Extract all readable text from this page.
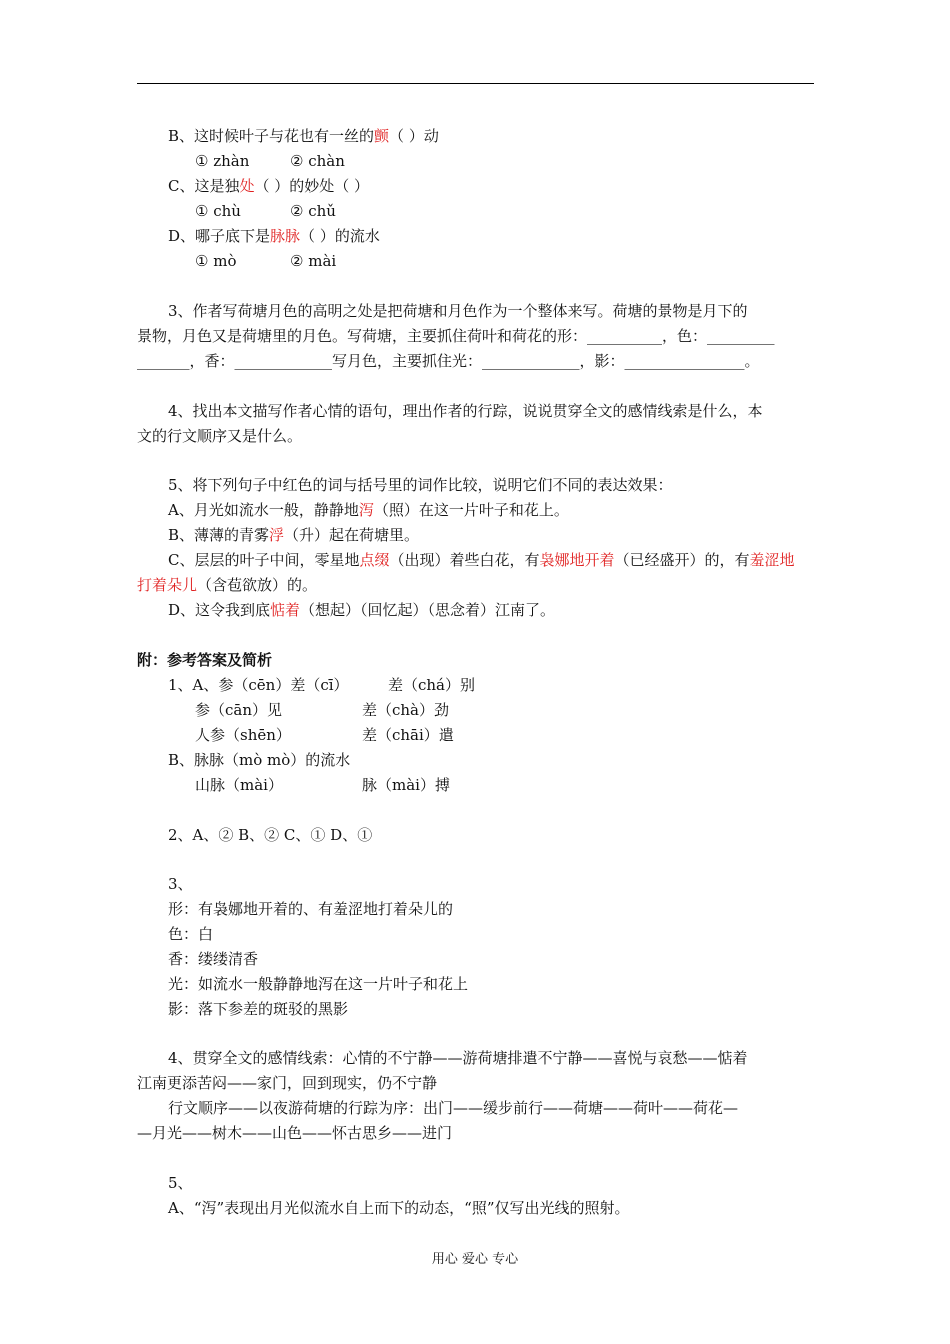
B、这时候叶子与花也有一丝的颤（ ）动
① zhàn	② chàn
C、这是独处（ ）的妙处（ ）
① chù	② chǔ
D、哪子底下是脉脉（ ）的流水
① mò	② mài
3、作者写荷塘月色的高明之处是把荷塘和月色作为一个整体来写。荷塘的景物是月下的
景物，月色又是荷塘里的月色。写荷塘，主要抓住荷叶和荷花的形：__________，色：_________
_______，香：_____________写月色，主要抓住光：_____________，影：________________。
4、找出本文描写作者心情的语句，理出作者的行踪，说说贯穿全文的感情线索是什么，本
文的行文顺序又是什么。
5、将下列句子中红色的词与括号里的词作比较，说明它们不同的表达效果：
A、月光如流水一般，静静地泻（照）在这一片叶子和花上。
B、薄薄的青雾浮（升）起在荷塘里。
C、层层的叶子中间，零星地点缀（出现）着些白花，有袅娜地开着（已经盛开）的，有羞涩地
打着朵儿（含苞欲放）的。
D、这令我到底惦着（想起）（回忆起）（思念着）江南了。
附：参考答案及简析
1、A、参（cēn）差（cī）	差（chá）别
参（cān）见	差（chà）劲
人参（shēn）	差（chāi）遣
B、脉脉（mò mò）的流水
山脉（mài）	脉（mài）搏
2、A、② B、② C、① D、①
3、
形：有袅娜地开着的、有羞涩地打着朵儿的
色：白
香：缕缕清香
光：如流水一般静静地泻在这一片叶子和花上
影：落下参差的斑驳的黑影
4、贯穿全文的感情线索：心情的不宁静——游荷塘排遣不宁静——喜悦与哀愁——惦着
江南更添苦闷——家门，回到现实，仍不宁静
行文顺序——以夜游荷塘的行踪为序：出门——缓步前行——荷塘——荷叶——荷花—
—月光——树木——山色——怀古思乡——进门
5、
A、“泻”表现出月光似流水自上而下的动态，“照”仅写出光线的照射。
用心 爱心 专心
